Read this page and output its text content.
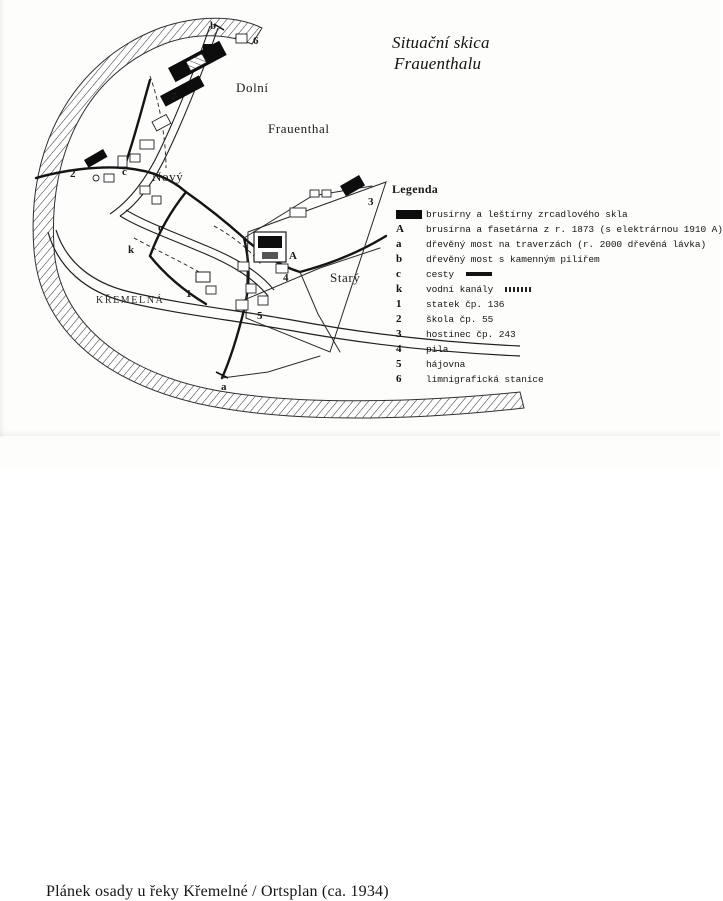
Situační skica
Frauenthalu
Dolní
Frauenthal
Nový
Starý
KŘEMELNÁ
6
7
2	c
c
k
1
3
A
4
5
a
b
Legenda
brusírny a leštírny zrcadlového skla
A brusírna a fasetárna z r. 1873 (s elektrárnou 1910 A)
a	dřevěný most na traverzách (r. 2000 dřevěná lávka)
b	dřevěný most s kamenným pilířem
c	cesty
k	vodní kanály
1	statek čp. 136
2	škola čp. 55
3	hostinec čp. 243
4	pila
5	hájovna
6	limnigrafická stanice
Plánek osady u řeky Křemelné / Ortsplan (ca. 1934)
